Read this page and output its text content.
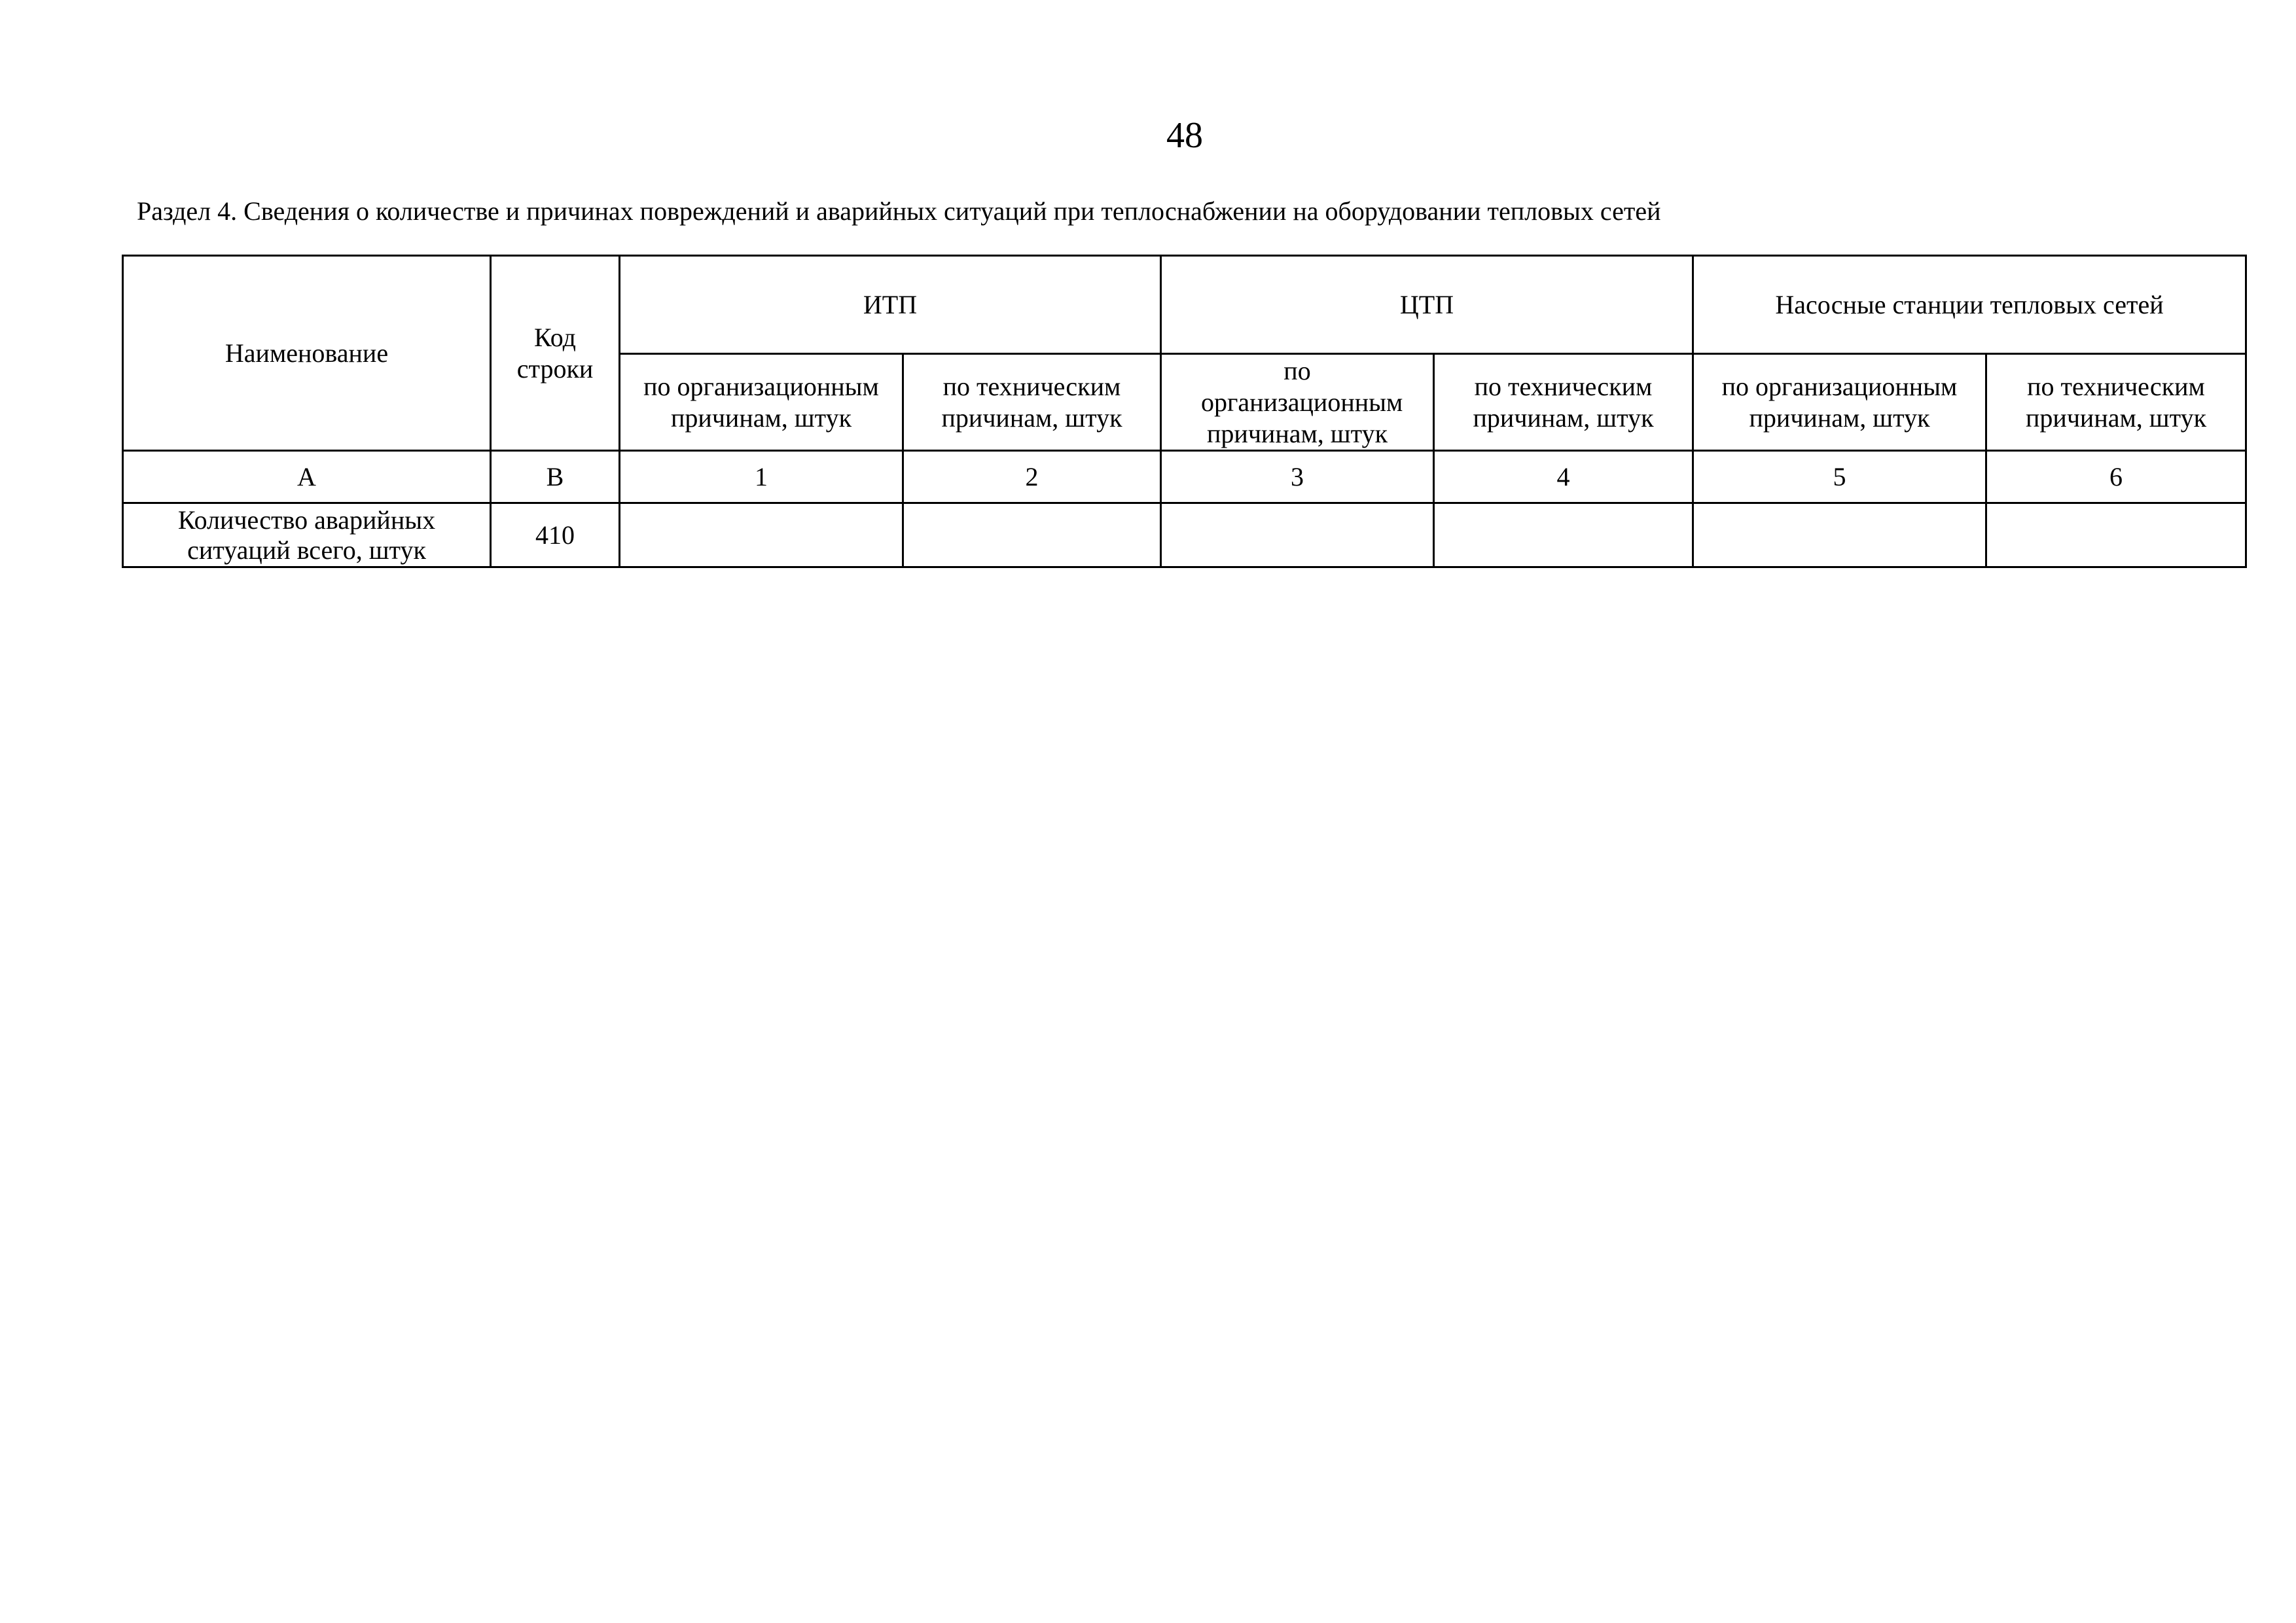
48
Раздел 4. Сведения о количестве и причинах повреждений и аварийных ситуаций при теплоснабжении на оборудовании тепловых сетей
Наименование	Код строки	ИТП		ЦТП		Насосные станции тепловых сетей	
		по организационным причинам, штук	по техническим причинам, штук	по организационным причинам, штук	по техническим причинам, штук	по организационным причинам, штук	по техническим причинам, штук
А	В	1	2	3	4	5	6
Количество аварийных ситуаций всего, штук	410						
